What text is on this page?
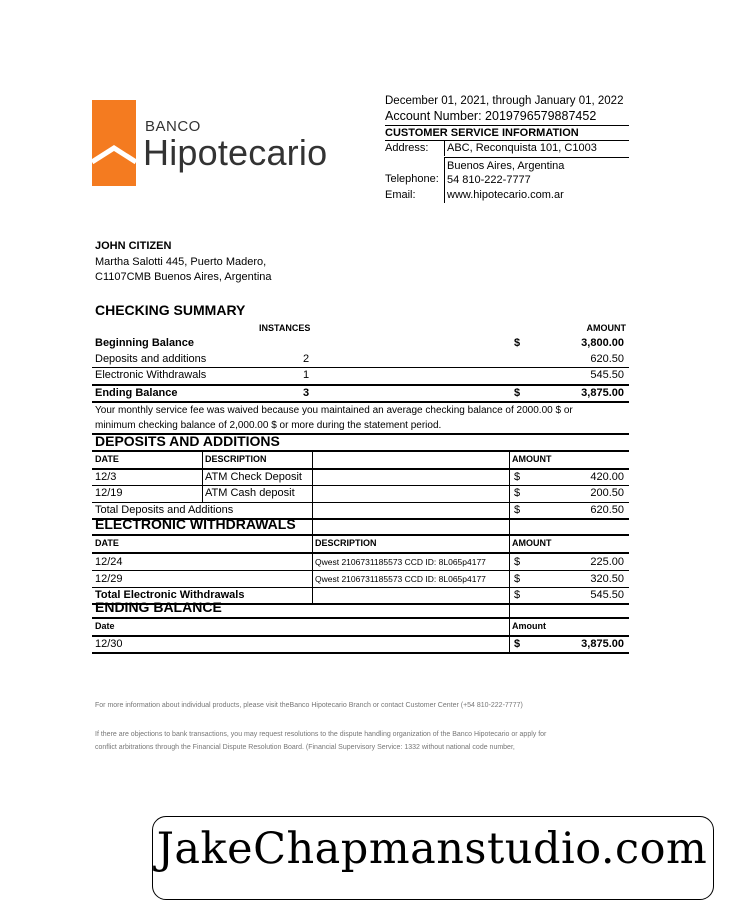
BANCO
Hipotecario
December 01, 2021, through January 01, 2022
Account Number: 2019796579887452
CUSTOMER SERVICE INFORMATION
Address:	ABC, Reconquista 101, C1003
Buenos Aires, Argentina
Telephone: 54 810-222-7777
Email:	www.hipotecario.com.ar
JOHN CITIZEN
Martha Salotti 445, Puerto Madero,
C1107CMB Buenos Aires, Argentina
CHECKING SUMMARY
INSTANCES	AMOUNT
Beginning Balance	$	3,800.00
Deposits and additions	2	620.50
Electronic Withdrawals	1	545.50
Ending Balance	3	$	3,875.00
Your monthly service fee was waived because you maintained an average checking balance of 2000.00 $ or
minimum checking balance of 2,000.00 $ or more during the statement period.
DEPOSITS AND ADDITIONS
DATE	DESCRIPTION	AMOUNT
12/3	ATM Check Deposit	$	420.00
12/19	ATM Cash deposit	$	200.50
Total Deposits and Additions	$	620.50
ELECTRONIC WITHDRAWALS
DATE	DESCRIPTION	AMOUNT
12/24	Qwest 2106731185573 CCD ID: 8L065p4177	$	225.00
12/29	Qwest 2106731185573 CCD ID: 8L065p4177	$	320.50
Total Electronic Withdrawals	$	545.50
ENDING BALANCE
Date	Amount
12/30	$	3,875.00
For more information about individual products, please visit theBanco Hipotecario Branch or contact Customer Center (+54 810-222-7777)
If there are objections to bank transactions, you may request resolutions to the dispute handling organization of the Banco Hipotecario or apply for
conflict arbitrations through the Financial Dispute Resolution Board. (Financial Supervisory Service: 1332 without national code number,
JakeChapmanstudio.com
